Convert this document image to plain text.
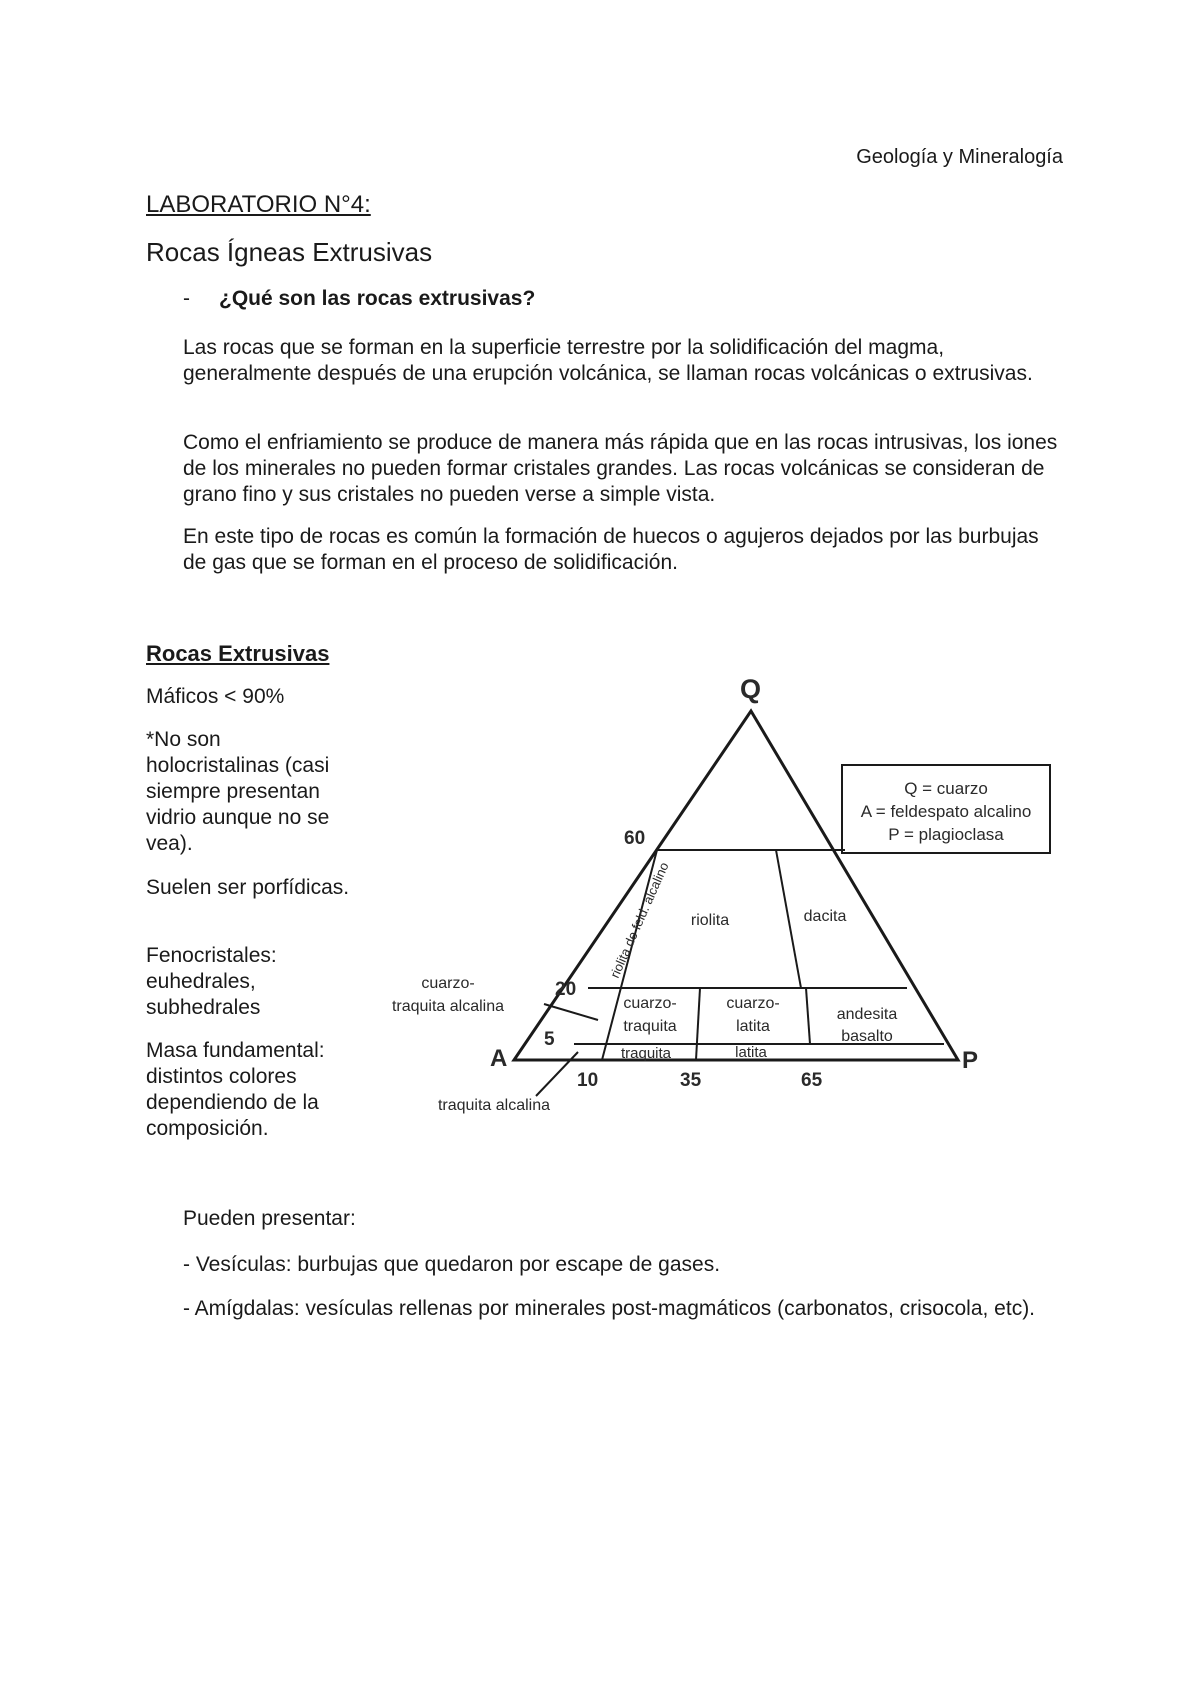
Geología y Mineralogía
LABORATORIO N°4:
Rocas Ígneas Extrusivas
- ¿Qué son las rocas extrusivas?
Las rocas que se forman en la superficie terrestre por la solidificación del magma, generalmente después de una erupción volcánica, se llaman rocas volcánicas o extrusivas.
Como el enfriamiento se produce de manera más rápida que en las rocas intrusivas, los iones de los minerales no pueden formar cristales grandes. Las rocas volcánicas se consideran de grano fino y sus cristales no pueden verse a simple vista.
En este tipo de rocas es común la formación de huecos o agujeros dejados por las burbujas de gas que se forman en el proceso de solidificación.
Rocas Extrusivas
Máficos < 90%
*No son holocristalinas (casi siempre presentan vidrio aunque no se vea).
Suelen ser porfídicas.
Fenocristales: euhedrales, subhedrales
Masa fundamental: distintos colores dependiendo de la composición.
Q
A	P
Q = cuarzo
A = feldespato alcalino
P = plagioclasa
60
20
5
10	35	65
riolita de feld. alcalino riolita	dacita
cuarzo-
traquita
cuarzo-
latita
andesita
basalto
traquita	latita
cuarzo-
traquita alcalina
traquita alcalina
Pueden presentar:
- Vesículas: burbujas que quedaron por escape de gases.
- Amígdalas: vesículas rellenas por minerales post-magmáticos (carbonatos, crisocola, etc).
